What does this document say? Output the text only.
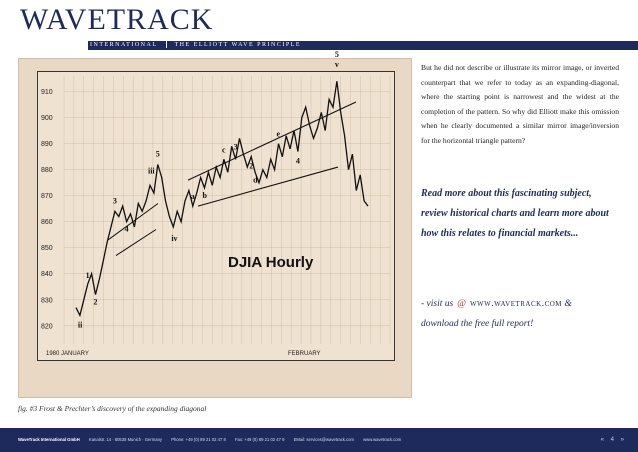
WAVETRACK
INTERNATIONAL	THE ELLIOTT WAVE PRINCIPLE
910
900
890
880
870
860
850
840
830
820	ii
1
2
3
4
iii
5
iv
a b
c
d
e
3
2
4
v
5
DJIA Hourly
1980 JANUARY	FEBRUARY
fig. #3 Frost & Prechter’s discovery of the expanding diagonal
But he did not describe or illustrate its mirror image, or inverted counterpart that we refer to today as an expanding-diagonal, where the starting point is narrowest and the widest at the completion of the pattern. So why did Elliott make this omission when he clearly documented a similar mirror image/inversion for the horizontal triangle pattern?
Read more about this fascinating subject, review historical charts and learn more about how this relates to financial markets...
- visit us @ www.wavetrack.com &
download the free full report!
WaveTrack International GmbH Kanalstr. 14 · 80538 Munich · Germany Phone: +49 (0) 89 21 02 47 8 Fax: +49 (0) 89 21 02 47 9 EMail: services@wavetrack.com www.wavetrack.com	« 4 »
